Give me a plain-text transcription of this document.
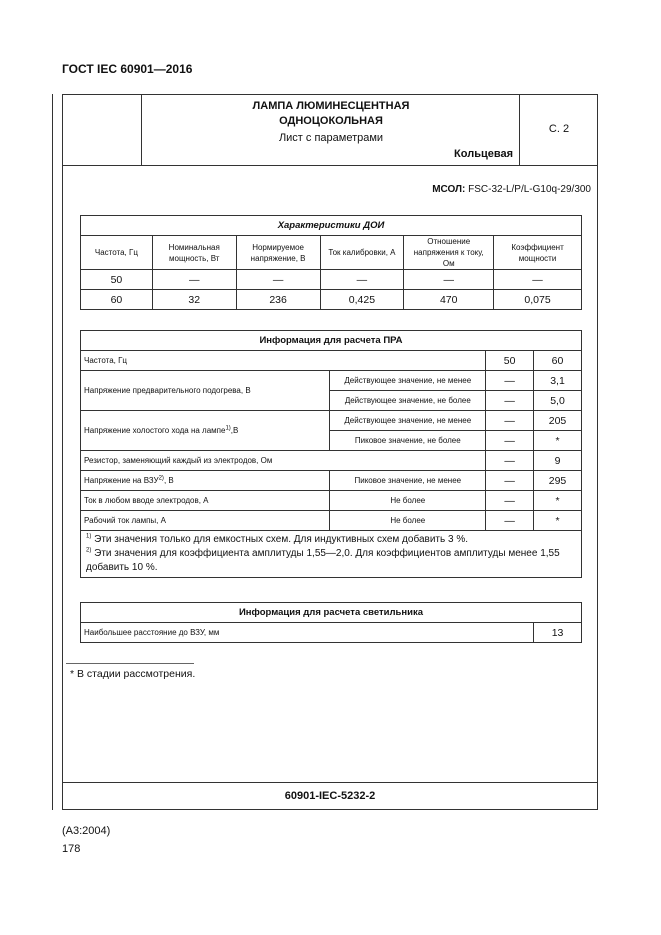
ГОСТ IEC 60901—2016
ЛАМПА ЛЮМИНЕСЦЕНТНАЯ
ОДНОЦОКОЛЬНАЯ
Лист с параметрами
Кольцевая
С. 2
МСОЛ: FSC-32-L/P/L-G10q-29/300
Характеристики ДОИ					
Частота, Гц	Номинальная мощность, Вт	Нормируемое напряжение, В	Ток калибровки, А	Отношение напряжения к току, Ом	Коэффициент мощности
50	—	—	—	—	—
60	32	236	0,425	470	0,075
Информация для расчета ПРА			
Частота, Гц		50	60
Напряжение предварительного подогрева, В	Действующее значение, не менее	—	3,1
	Действующее значение, не более	—	5,0
Напряжение холостого хода на лампе$^{1)}$,В	Действующее значение, не менее	—	205
	Пиковое значение, не более	—	*
Резистор, заменяющий каждый из электродов, Ом		—	9
Напряжение на ВЗУ$^{2)}$, В	Пиковое значение, не менее	—	295
Ток в любом вводе электродов, А	Не более	—	*
Рабочий ток лампы, А	Не более	—	*

$^{1)}$ Эти значения только для емкостных схем. Для индуктивных схем добавить 3 %.
$^{2)}$ Эти значения для коэффициента амплитуды 1,55—2,0. Для коэффициентов амплитуды менее 1,55 добавить 10 %.			
Информация для расчета светильника
Наибольшее расстояние до ВЗУ, мм	13
* В стадии рассмотрения.
60901-IEC-5232-2
(A3:2004)
178
